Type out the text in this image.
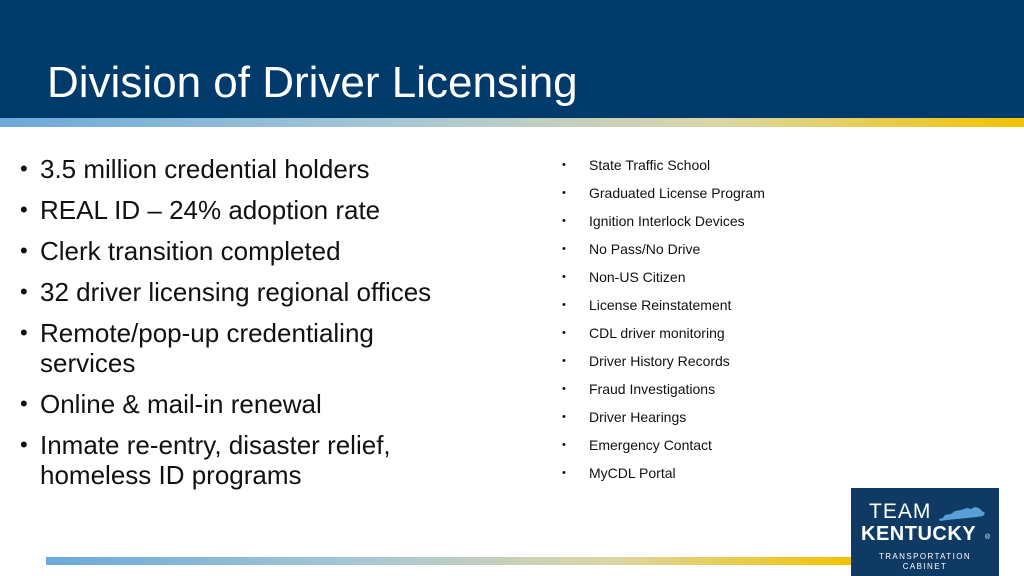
Division of Driver Licensing
• 3.5 million credential holders
• REAL ID – 24% adoption rate
• Clerk transition completed
• 32 driver licensing regional offices
• Remote/pop-up credentialing services
• Online & mail-in renewal
• Inmate re-entry, disaster relief, homeless ID programs
• State Traffic School
• Graduated License Program
• Ignition Interlock Devices
• No Pass/No Drive
• Non-US Citizen
• License Reinstatement
• CDL driver monitoring
• Driver History Records
• Fraud Investigations
• Driver Hearings
• Emergency Contact
• MyCDL Portal
TEAM
KENTUCKY ®
TRANSPORTATION
CABINET
